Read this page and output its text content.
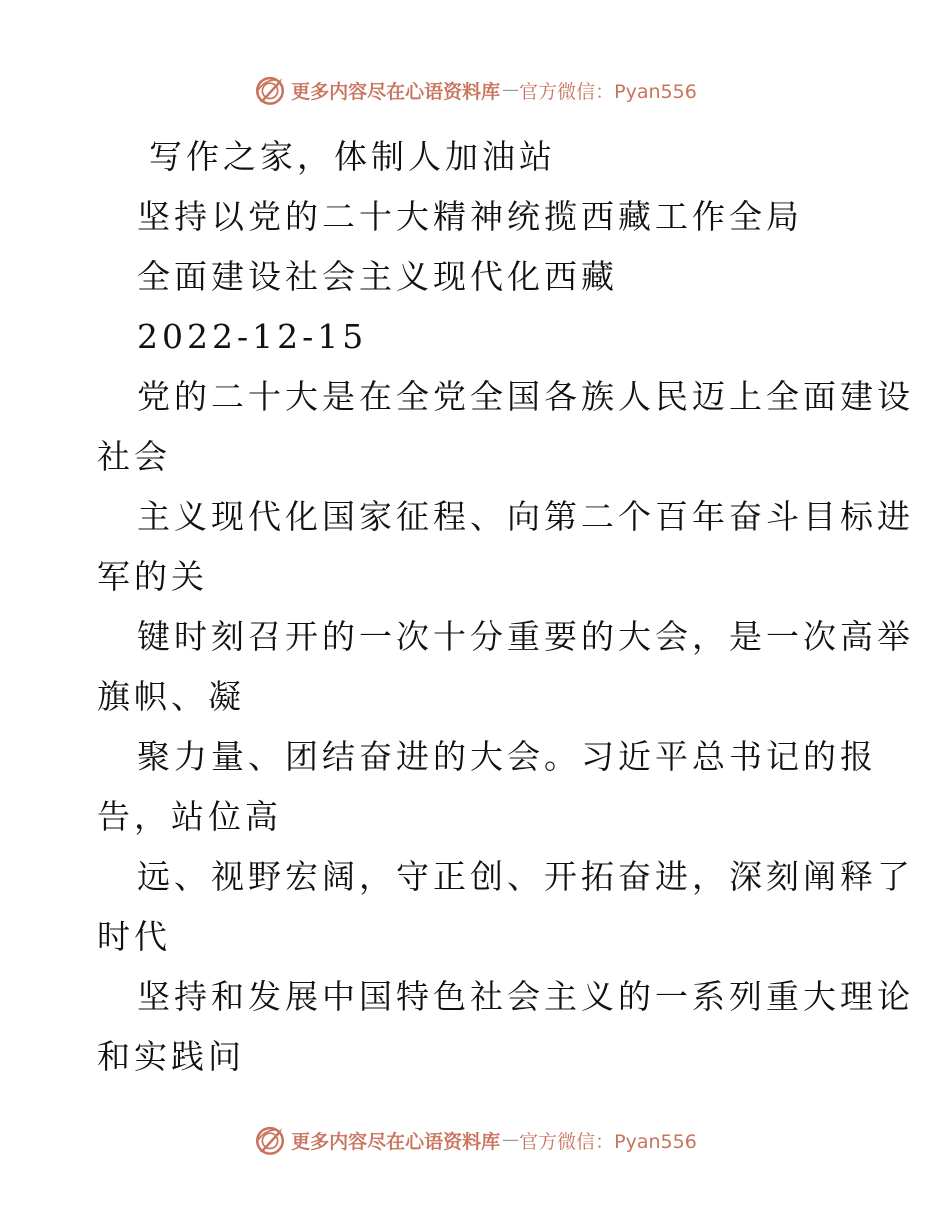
更多内容尽在心语资料库 — 官方微信：Pyan556

写作之家，体制人加油站

坚持以党的二十大精神统揽西藏工作全局

全面建设社会主义现代化西藏

2022-12-15

党的二十大是在全党全国各族人民迈上全面建设

社会

主义现代化国家征程、向第二个百年奋斗目标进

军的关

键时刻召开的一次十分重要的大会，是一次高举

旗帜、凝

聚力量、团结奋进的大会。习近平总书记的报

告，站位高

远、视野宏阔，守正创、开拓奋进，深刻阐释了

时代

坚持和发展中国特色社会主义的一系列重大理论

和实践问

更多内容尽在心语资料库 — 官方微信：Pyan556
